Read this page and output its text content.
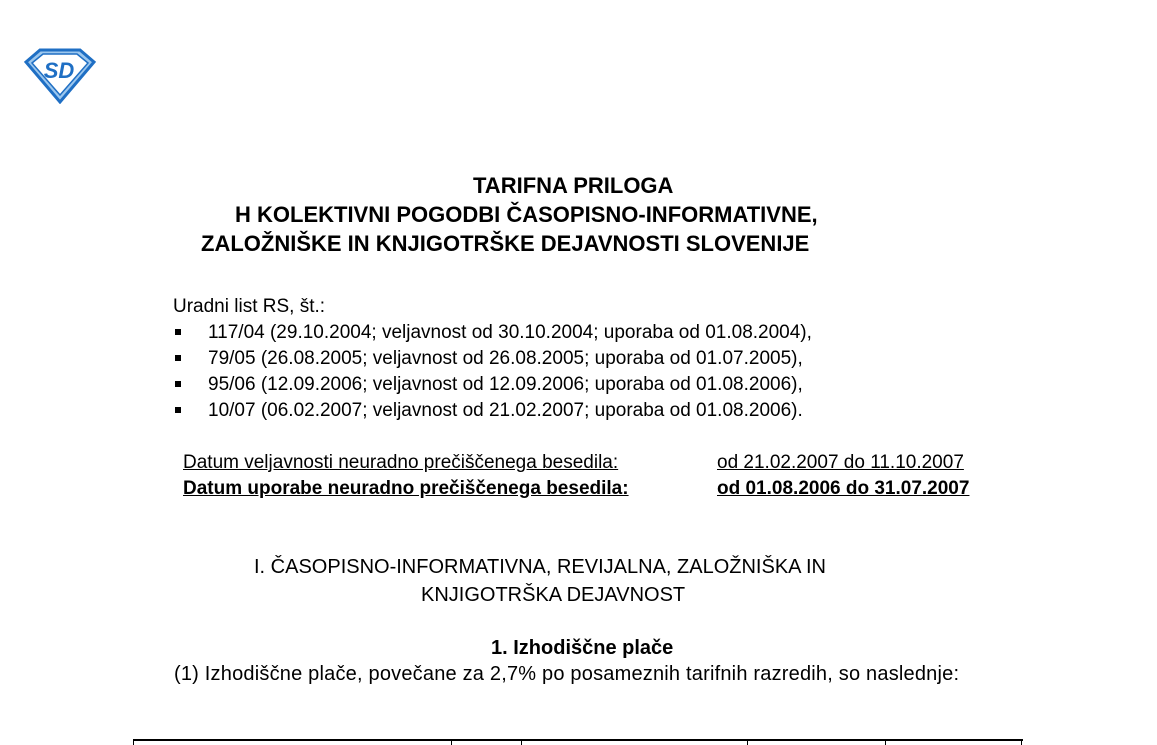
SD
TARIFNA PRILOGA
H KOLEKTIVNI POGODBI ČASOPISNO-INFORMATIVNE,
ZALOŽNIŠKE IN KNJIGOTRŠKE DEJAVNOSTI SLOVENIJE
Uradni list RS, št.:
117/04 (29.10.2004; veljavnost od 30.10.2004; uporaba od 01.08.2004),
79/05 (26.08.2005; veljavnost od 26.08.2005; uporaba od 01.07.2005),
95/06 (12.09.2006; veljavnost od 12.09.2006; uporaba od 01.08.2006),
10/07 (06.02.2007; veljavnost od 21.02.2007; uporaba od 01.08.2006).
Datum veljavnosti neuradno prečiščenega besedila:	od 21.02.2007 do 11.10.2007
Datum uporabe neuradno prečiščenega besedila:	od 01.08.2006 do 31.07.2007
I. ČASOPISNO-INFORMATIVNA, REVIJALNA, ZALOŽNIŠKA IN
KNJIGOTRŠKA DEJAVNOST
1. Izhodiščne plače
(1) Izhodiščne plače, povečane za 2,7% po posameznih tarifnih razredih, so naslednje:
